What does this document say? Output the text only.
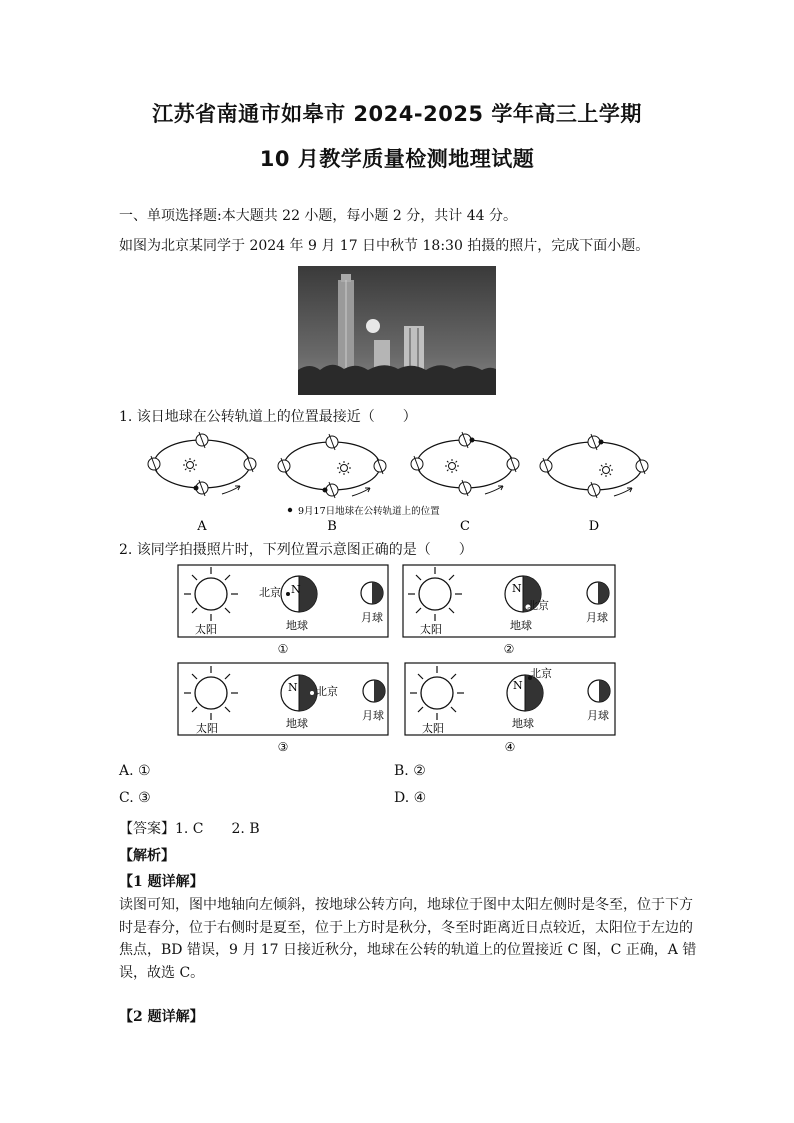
江苏省南通市如皋市 2024-2025 学年高三上学期
10 月教学质量检测地理试题
一、单项选择题:本大题共 22 小题，每小题 2 分，共计 44 分。
如图为北京某同学于 2024 年 9 月 17 日中秋节 18:30 拍摄的照片，完成下面小题。
1. 该日地球在公转轨道上的位置最接近（　　）
9月17日地球在公转轨道上的位置
A	B	C	D
2. 该同学拍摄照片时，下列位置示意图正确的是（　　）
N
北京
太阳	地球
月球
①
N
北京
太阳	地球
月球
②
N 北京
太阳	地球
月球
③
N
北京
太阳	地球
月球
④
A. ①	B. ②
C. ③	D. ④
【答案】1. C　　2. B
【解析】
【1 题详解】
读图可知，图中地轴向左倾斜，按地球公转方向，地球位于图中太阳左侧时是冬至，位于下方时是春分，位于右侧时是夏至，位于上方时是秋分，冬至时距离近日点较近，太阳位于左边的焦点，BD 错误，9 月 17 日接近秋分，地球在公转的轨道上的位置接近 C 图，C 正确，A 错误，故选 C。
【2 题详解】
